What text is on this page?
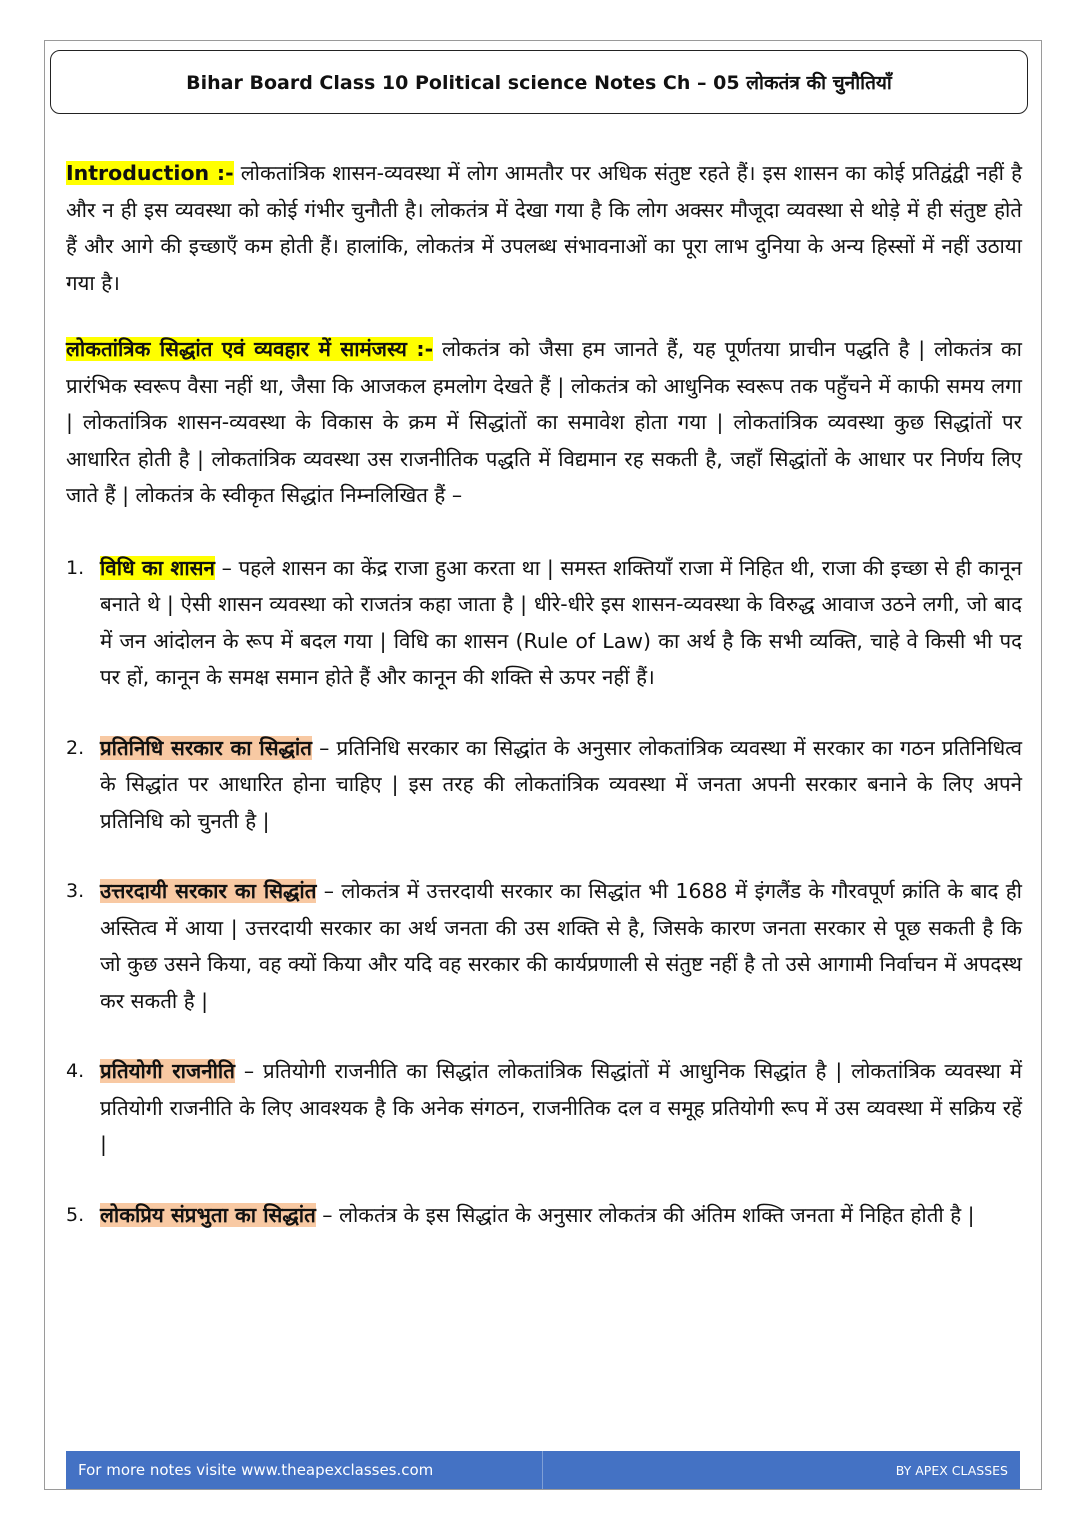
Bihar Board Class 10 Political science Notes Ch – 05 लोकतंत्र की चुनौतियाँ

Introduction :- लोकतांत्रिक शासन-व्यवस्था में लोग आमतौर पर अधिक संतुष्ट रहते हैं। इस शासन का कोई प्रतिद्वंद्वी नहीं है और न ही इस व्यवस्था को कोई गंभीर चुनौती है। लोकतंत्र में देखा गया है कि लोग अक्सर मौजूदा व्यवस्था से थोड़े में ही संतुष्ट होते हैं और आगे की इच्छाएँ कम होती हैं। हालांकि, लोकतंत्र में उपलब्ध संभावनाओं का पूरा लाभ दुनिया के अन्य हिस्सों में नहीं उठाया गया है।

लोकतांत्रिक सिद्धांत एवं व्यवहार में सामंजस्य :- लोकतंत्र को जैसा हम जानते हैं, यह पूर्णतया प्राचीन पद्धति है | लोकतंत्र का प्रारंभिक स्वरूप वैसा नहीं था, जैसा कि आजकल हमलोग देखते हैं | लोकतंत्र को आधुनिक स्वरूप तक पहुँचने में काफी समय लगा | लोकतांत्रिक शासन-व्यवस्था के विकास के क्रम में सिद्धांतों का समावेश होता गया | लोकतांत्रिक व्यवस्था कुछ सिद्धांतों पर आधारित होती है | लोकतांत्रिक व्यवस्था उस राजनीतिक पद्धति में विद्यमान रह सकती है, जहाँ सिद्धांतों के आधार पर निर्णय लिए जाते हैं | लोकतंत्र के स्वीकृत सिद्धांत निम्नलिखित हैं –

1. विधि का शासन – पहले शासन का केंद्र राजा हुआ करता था | समस्त शक्तियाँ राजा में निहित थी, राजा की इच्छा से ही कानून बनाते थे | ऐसी शासन व्यवस्था को राजतंत्र कहा जाता है | धीरे-धीरे इस शासन-व्यवस्था के विरुद्ध आवाज उठने लगी, जो बाद में जन आंदोलन के रूप में बदल गया | विधि का शासन (Rule of Law) का अर्थ है कि सभी व्यक्ति, चाहे वे किसी भी पद पर हों, कानून के समक्ष समान होते हैं और कानून की शक्ति से ऊपर नहीं हैं।
2. प्रतिनिधि सरकार का सिद्धांत – प्रतिनिधि सरकार का सिद्धांत के अनुसार लोकतांत्रिक व्यवस्था में सरकार का गठन प्रतिनिधित्व के सिद्धांत पर आधारित होना चाहिए | इस तरह की लोकतांत्रिक व्यवस्था में जनता अपनी सरकार बनाने के लिए अपने प्रतिनिधि को चुनती है |
3. उत्तरदायी सरकार का सिद्धांत – लोकतंत्र में उत्तरदायी सरकार का सिद्धांत भी 1688 में इंगलैंड के गौरवपूर्ण क्रांति के बाद ही अस्तित्व में आया | उत्तरदायी सरकार का अर्थ जनता की उस शक्ति से है, जिसके कारण जनता सरकार से पूछ सकती है कि जो कुछ उसने किया, वह क्यों किया और यदि वह सरकार की कार्यप्रणाली से संतुष्ट नहीं है तो उसे आगामी निर्वाचन में अपदस्थ कर सकती है |
4. प्रतियोगी राजनीति – प्रतियोगी राजनीति का सिद्धांत लोकतांत्रिक सिद्धांतों में आधुनिक सिद्धांत है | लोकतांत्रिक व्यवस्था में प्रतियोगी राजनीति के लिए आवश्यक है कि अनेक संगठन, राजनीतिक दल व समूह प्रतियोगी रूप में उस व्यवस्था में सक्रिय रहें |
5. लोकप्रिय संप्रभुता का सिद्धांत – लोकतंत्र के इस सिद्धांत के अनुसार लोकतंत्र की अंतिम शक्ति जनता में निहित होती है |
For more notes visite www.theapexclasses.com	BY APEX CLASSES
